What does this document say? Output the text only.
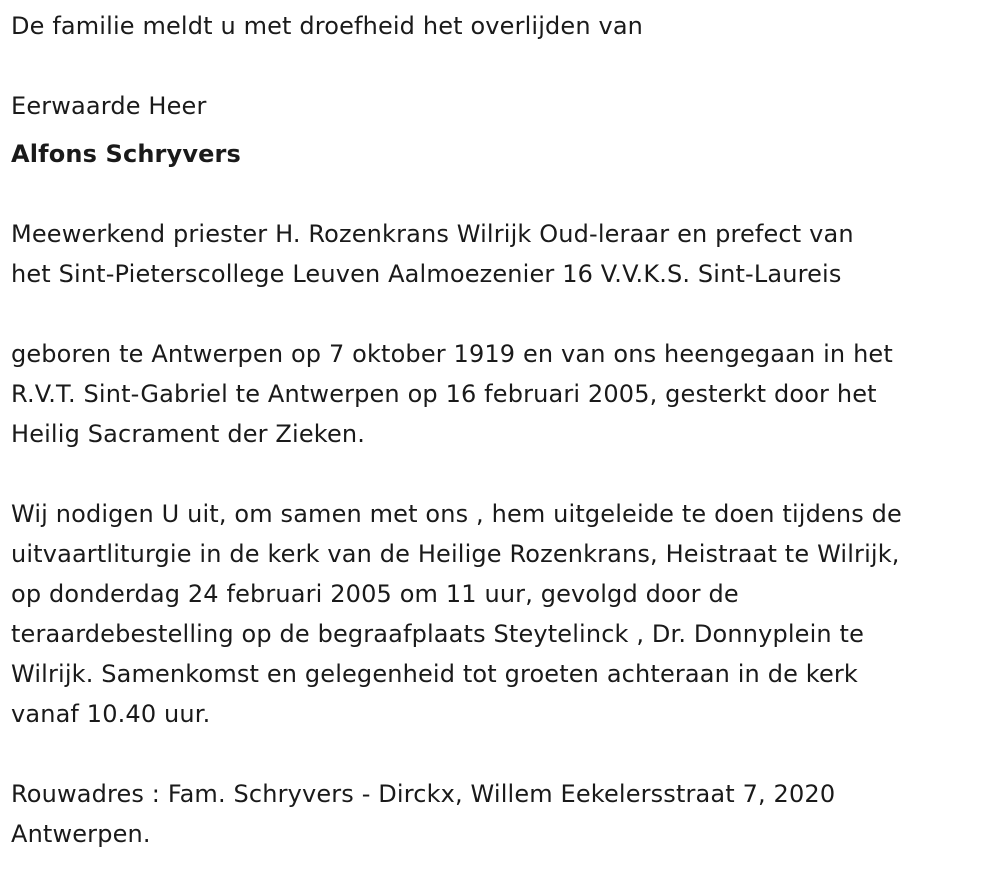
De familie meldt u met droefheid het overlijden van
Eerwaarde Heer
Alfons Schryvers
Meewerkend priester H. Rozenkrans Wilrijk Oud-leraar en prefect van
het Sint-Pieterscollege Leuven Aalmoezenier 16 V.V.K.S. Sint-Laureis
geboren te Antwerpen op 7 oktober 1919 en van ons heengegaan in het
R.V.T. Sint-Gabriel te Antwerpen op 16 februari 2005, gesterkt door het
Heilig Sacrament der Zieken.
Wij nodigen U uit, om samen met ons , hem uitgeleide te doen tijdens de
uitvaartliturgie in de kerk van de Heilige Rozenkrans, Heistraat te Wilrijk,
op donderdag 24 februari 2005 om 11 uur, gevolgd door de
teraardebestelling op de begraafplaats Steytelinck , Dr. Donnyplein te
Wilrijk. Samenkomst en gelegenheid tot groeten achteraan in de kerk
vanaf 10.40 uur.
Rouwadres : Fam. Schryvers - Dirckx, Willem Eekelersstraat 7, 2020
Antwerpen.
